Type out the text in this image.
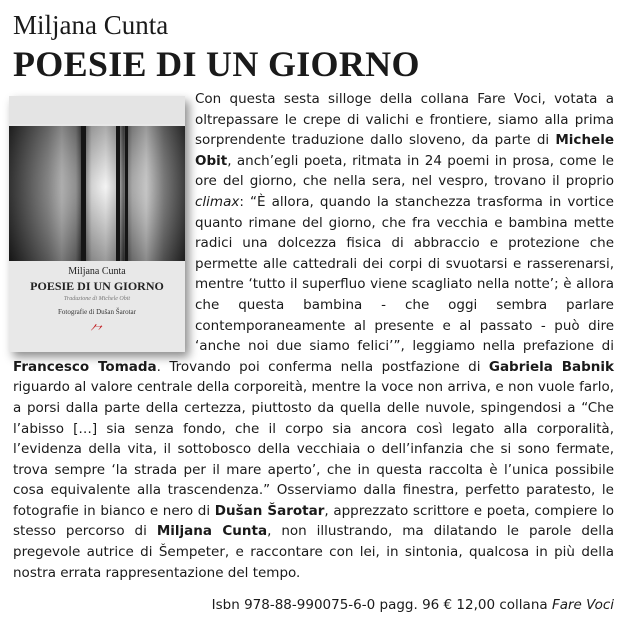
Miljana Cunta
POESIE DI UN GIORNO
Miljana Cunta
POESIE DI UN GIORNO
Traduzione di Michele Obit
Fotografie di Dušan Šarotar
⺈
Con questa sesta silloge della collana Fare Voci, votata a oltrepassare le crepe di valichi e frontiere, siamo alla prima sorprendente traduzione dallo sloveno, da parte di Michele Obit, anch’egli poeta, ritmata in 24 poemi in prosa, come le ore del giorno, che nella sera, nel vespro, trovano il proprio climax: “È allora, quando la stanchezza trasforma in vortice quanto rimane del giorno, che fra vecchia e bambina mette radici una dolcezza fisica di abbraccio e protezione che permette alle cattedrali dei corpi di svuotarsi e rasserenarsi, mentre ‘tutto il superfluo viene scagliato nella notte’; è allora che questa bambina - che oggi sembra parlare contemporaneamente al presente e al passato - può dire ‘anche noi due siamo felici’”, leggiamo nella prefazione di Francesco Tomada. Trovando poi conferma nella postfazione di Gabriela Babnik riguardo al valore centrale della corporeità, mentre la voce non arriva, e non vuole farlo, a porsi dalla parte della certezza, piuttosto da quella delle nuvole, spingendosi a “Che l’abisso […] sia senza fondo, che il corpo sia ancora così legato alla corporalità, l’evidenza della vita, il sottobosco della vecchiaia o dell’infanzia che si sono fermate, trova sempre ‘la strada per il mare aperto’, che in questa raccolta è l’unica possibile cosa equivalente alla trascendenza.” Osserviamo dalla finestra, perfetto paratesto, le fotografie in bianco e nero di Dušan Šarotar, apprezzato scrittore e poeta, compiere lo stesso percorso di Miljana Cunta, non illustrando, ma dilatando le parole della pregevole autrice di Šempeter, e raccontare con lei, in sintonia, qualcosa in più della nostra errata rappresentazione del tempo.
Isbn 978-88-990075-6-0 pagg. 96 € 12,00 collana Fare Voci
